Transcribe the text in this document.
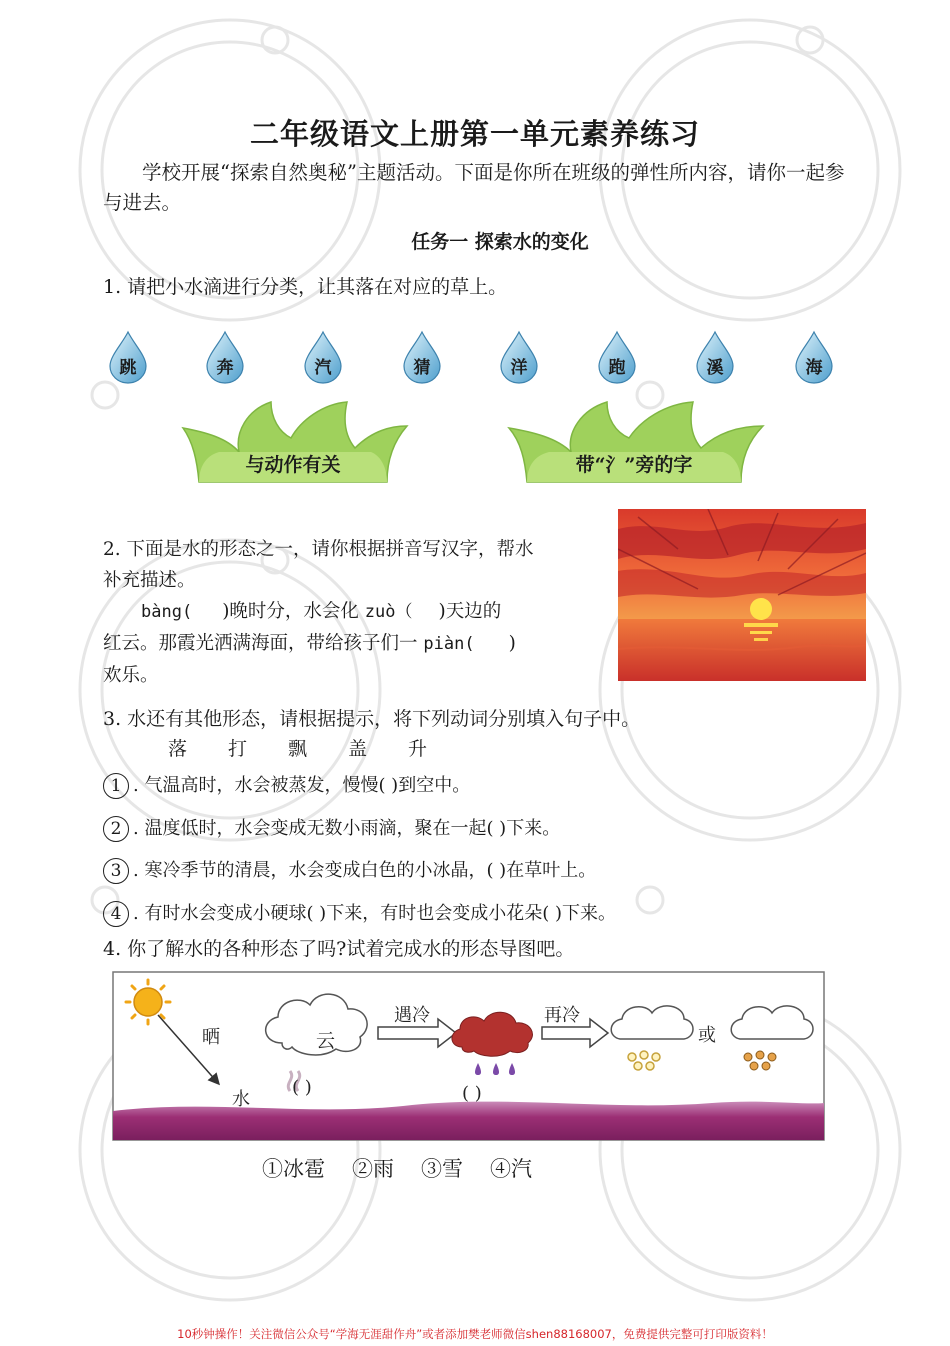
二年级语文上册第一单元素养练习
学校开展“探索自然奥秘”主题活动。下面是你所在班级的弹性所内容，请你一起参与进去。
任务一 探索水的变化
1. 请把小水滴进行分类，让其落在对应的草上。
跳	奔	汽	猜	洋	跑	溪	海
与动作有关	带“氵”旁的字
2. 下面是水的形态之一，请你根据拼音写汉字，帮水
补充描述。
bàng( )晚时分，水会化 zuò（ )天边的
红云。那霞光洒满海面，带给孩子们一 piàn( )
欢乐。
3. 水还有其他形态，请根据提示，将下列动词分别填入句子中。
落 打 飘 盖 升
1 . 气温高时，水会被蒸发，慢慢( )到空中。
2 . 温度低时，水会变成无数小雨滴，聚在一起( )下来。
3 . 寒冷季节的清晨，水会变成白色的小冰晶，( )在草叶上。
4 . 有时水会变成小硬球( )下来，有时也会变成小花朵( )下来。
4. 你了解水的各种形态了吗?试着完成水的形态导图吧。
晒
水
云
遇冷	再冷
或
( )	( )
①冰雹 ②雨 ③雪 ④汽
10秒钟操作！关注微信公众号“学海无涯甜作舟”或者添加樊老师微信shen88168007，免费提供完整可打印版资料！
